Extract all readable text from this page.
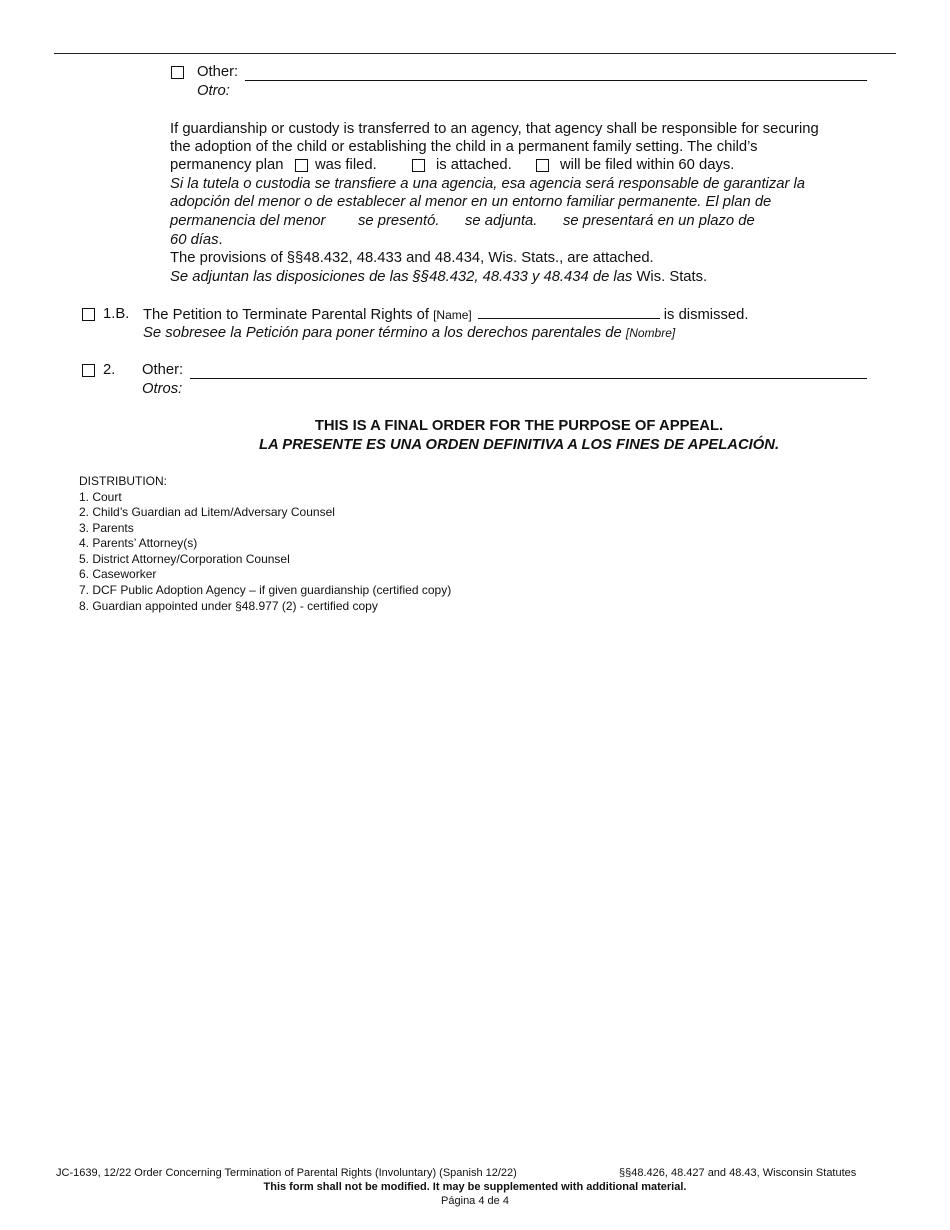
Other:
Otro:
If guardianship or custody is transferred to an agency, that agency shall be responsible for securing
the adoption of the child or establishing the child in a permanent family setting. The child’s
permanency plan was filed.	is attached.	will be filed within 60 days.
Si la tutela o custodia se transfiere a una agencia, esa agencia será responsable de garantizar la
adopción del menor o de establecer al menor en un entorno familiar permanente. El plan de
permanencia del menor se presentó. se adjunta. se presentará en un plazo de
60 días.
The provisions of §§48.432, 48.433 and 48.434, Wis. Stats., are attached.
Se adjuntan las disposiciones de las §§48.432, 48.433 y 48.434 de las Wis. Stats.
1.B. The Petition to Terminate Parental Rights of [Name]	is dismissed.
Se sobresee la Petición para poner término a los derechos parentales de [Nombre]
2. Other:
Otros:
THIS IS A FINAL ORDER FOR THE PURPOSE OF APPEAL.
LA PRESENTE ES UNA ORDEN DEFINITIVA A LOS FINES DE APELACIÓN.
DISTRIBUTION:
1. Court
2. Child’s Guardian ad Litem/Adversary Counsel
3. Parents
4. Parents’ Attorney(s)
5. District Attorney/Corporation Counsel
6. Caseworker
7. DCF Public Adoption Agency – if given guardianship (certified copy)
8. Guardian appointed under §48.977 (2) - certified copy
JC-1639, 12/22 Order Concerning Termination of Parental Rights (Involuntary) (Spanish 12/22)	§§48.426, 48.427 and 48.43, Wisconsin Statutes
This form shall not be modified. It may be supplemented with additional material.
Página 4 de 4
